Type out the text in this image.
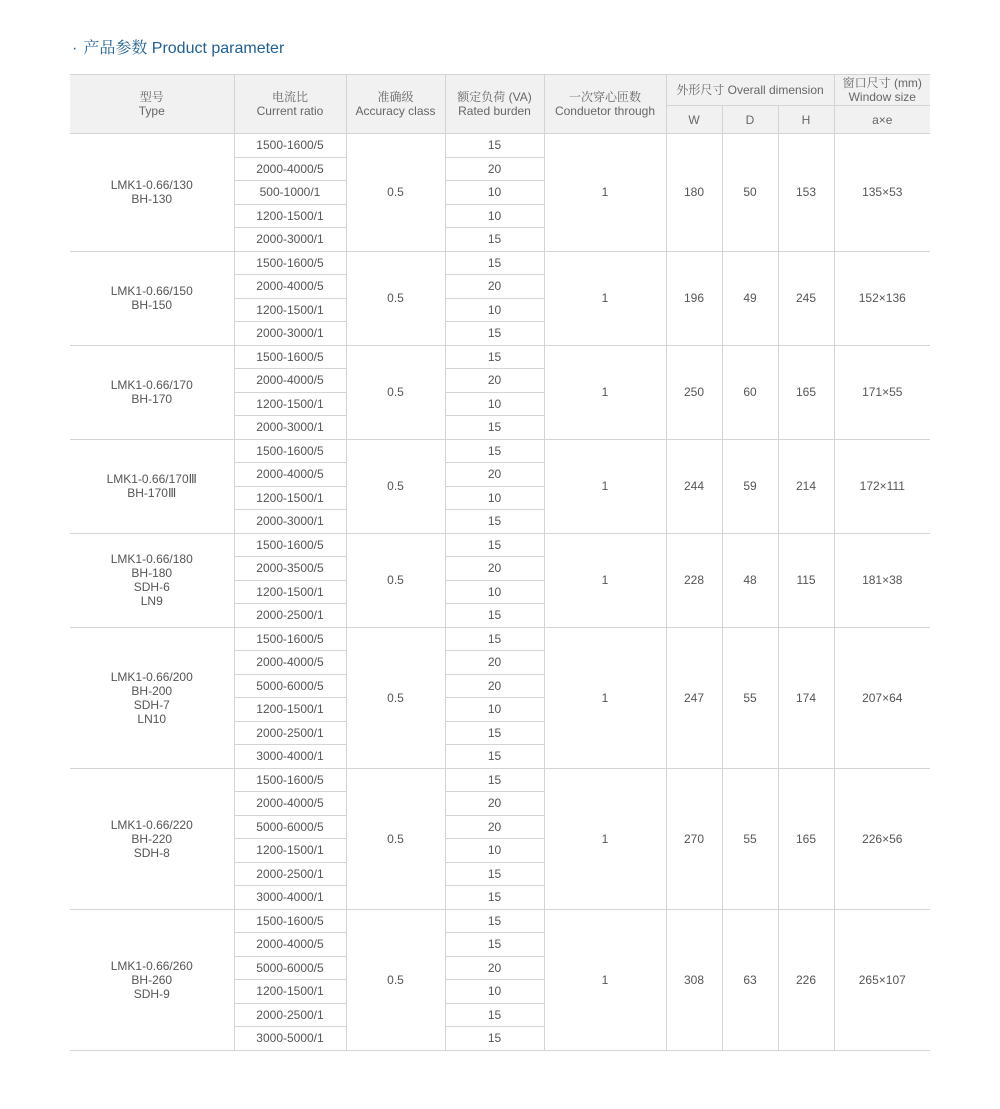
· 产品参数 Product parameter
型号
Type	电流比
Current ratio	准确级
Accuracy class	额定负荷 (VA)
Rated burden	一次穿心匝数
Conduetor through	外形尺寸 Overall dimension			窗口尺寸 (mm)
Window size

					W	D	H	a×e

LMK1-0.66/130
BH-130	1500-1600/5	0.5	15	1	180	50	153	135×53
	2000-4000/5		20					
	500-1000/1		10					
	1200-1500/1		10					
	2000-3000/1		15					

LMK1-0.66/150
BH-150	1500-1600/5	0.5	15	1	196	49	245	152×136
	2000-4000/5		20					
	1200-1500/1		10					
	2000-3000/1		15					

LMK1-0.66/170
BH-170	1500-1600/5	0.5	15	1	250	60	165	171×55
	2000-4000/5		20					
	1200-1500/1		10					
	2000-3000/1		15					

LMK1-0.66/170Ⅲ
BH-170Ⅲ	1500-1600/5	0.5	15	1	244	59	214	172×111
	2000-4000/5		20					
	1200-1500/1		10					
	2000-3000/1		15					

LMK1-0.66/180
BH-180
SDH-6
LN9	1500-1600/5	0.5	15	1	228	48	115	181×38
	2000-3500/5		20					
	1200-1500/1		10					
	2000-2500/1		15					

LMK1-0.66/200
BH-200
SDH-7
LN10	1500-1600/5	0.5	15	1	247	55	174	207×64
	2000-4000/5		20					
	5000-6000/5		20					
	1200-1500/1		10					
	2000-2500/1		15					
	3000-4000/1		15					

LMK1-0.66/220
BH-220
SDH-8	1500-1600/5	0.5	15	1	270	55	165	226×56
	2000-4000/5		20					
	5000-6000/5		20					
	1200-1500/1		10					
	2000-2500/1		15					
	3000-4000/1		15					

LMK1-0.66/260
BH-260
SDH-9	1500-1600/5	0.5	15	1	308	63	226	265×107
	2000-4000/5		15					
	5000-6000/5		20					
	1200-1500/1		10					
	2000-2500/1		15					
	3000-5000/1		15					
